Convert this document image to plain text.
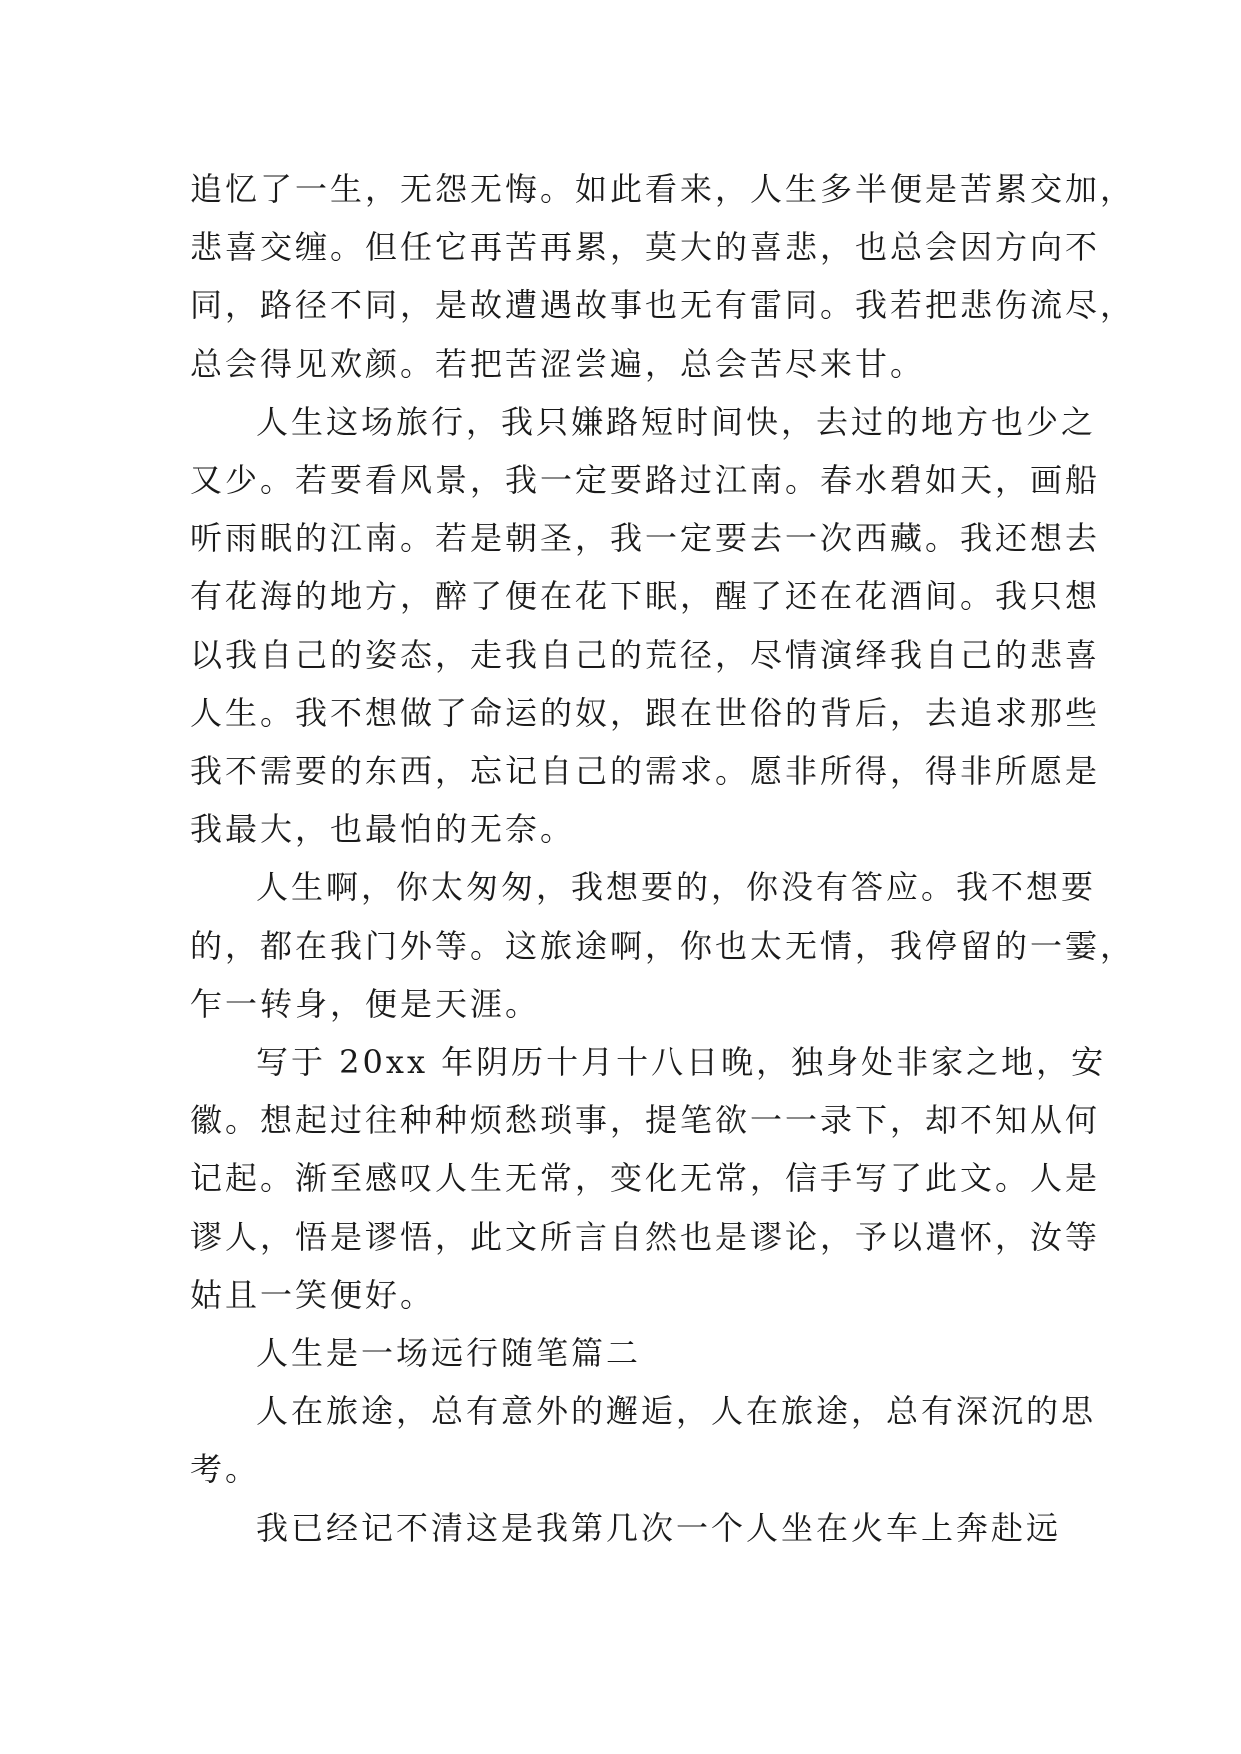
追忆了一生，无怨无悔。如此看来，人生多半便是苦累交加，
悲喜交缠。但任它再苦再累，莫大的喜悲，也总会因方向不
同，路径不同，是故遭遇故事也无有雷同。我若把悲伤流尽，
总会得见欢颜。若把苦涩尝遍，总会苦尽来甘。

人生这场旅行，我只嫌路短时间快，去过的地方也少之
又少。若要看风景，我一定要路过江南。春水碧如天，画船
听雨眠的江南。若是朝圣，我一定要去一次西藏。我还想去
有花海的地方，醉了便在花下眠，醒了还在花酒间。我只想
以我自己的姿态，走我自己的荒径，尽情演绎我自己的悲喜
人生。我不想做了命运的奴，跟在世俗的背后，去追求那些
我不需要的东西，忘记自己的需求。愿非所得，得非所愿是
我最大，也最怕的无奈。

人生啊，你太匆匆，我想要的，你没有答应。我不想要
的，都在我门外等。这旅途啊，你也太无情，我停留的一霎，
乍一转身，便是天涯。

写于 20xx 年阴历十月十八日晚，独身处非家之地，安
徽。想起过往种种烦愁琐事，提笔欲一一录下，却不知从何
记起。渐至感叹人生无常，变化无常，信手写了此文。人是
谬人，悟是谬悟，此文所言自然也是谬论，予以遣怀，汝等
姑且一笑便好。

人生是一场远行随笔篇二

人在旅途，总有意外的邂逅，人在旅途，总有深沉的思
考。

我已经记不清这是我第几次一个人坐在火车上奔赴远
